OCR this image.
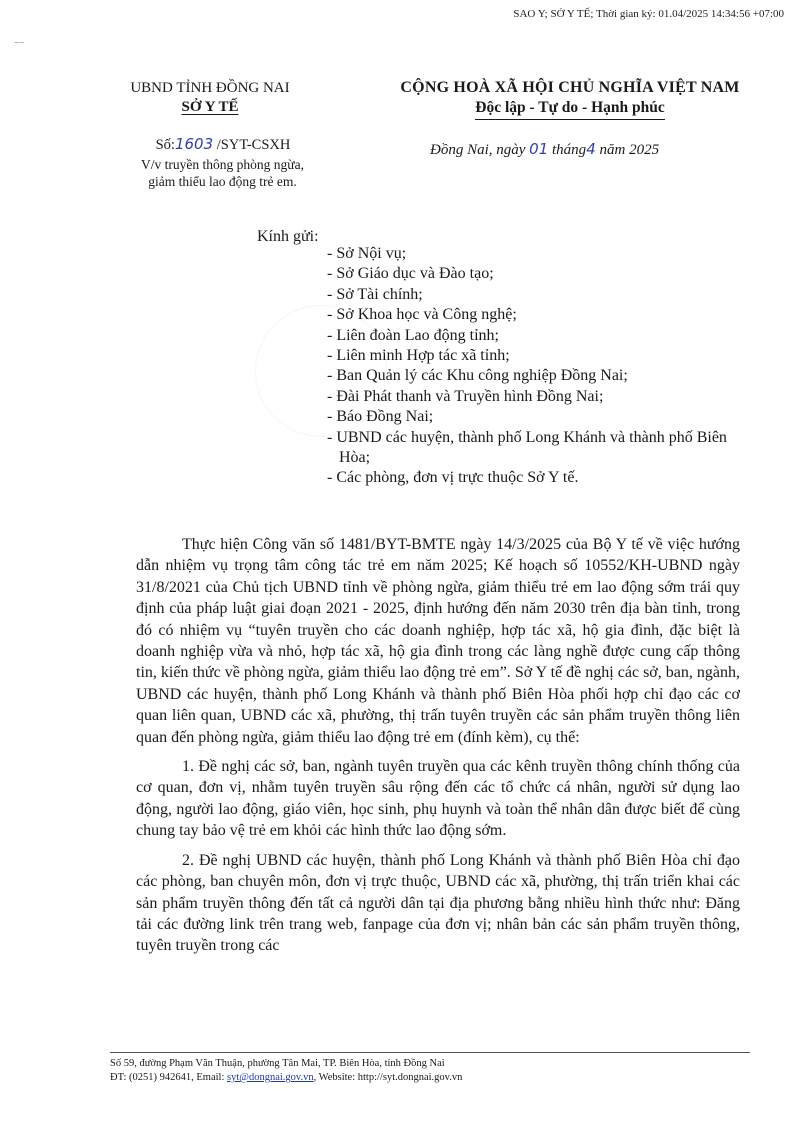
SAO Y; SỞ Y TẾ; Thời gian ký: 01.04/2025 14:34:56 +07:00
⁻⁻
UBND TỈNH ĐỒNG NAI
SỞ Y TẾ
CỘNG HOÀ XÃ HỘI CHỦ NGHĨA VIỆT NAM
Độc lập - Tự do - Hạnh phúc
Số:1603 /SYT-CSXH
V/v truyền thông phòng ngừa,
giảm thiểu lao động trẻ em.
Đồng Nai, ngày 01 tháng4 năm 2025
Kính gửi:
- Sở Nội vụ;
- Sở Giáo dục và Đào tạo;
- Sở Tài chính;
- Sở Khoa học và Công nghệ;
- Liên đoàn Lao động tỉnh;
- Liên minh Hợp tác xã tỉnh;
- Ban Quản lý các Khu công nghiệp Đồng Nai;
- Đài Phát thanh và Truyền hình Đồng Nai;
- Báo Đồng Nai;
- UBND các huyện, thành phố Long Khánh và thành phố Biên Hòa;
- Các phòng, đơn vị trực thuộc Sở Y tế.

Thực hiện Công văn số 1481/BYT-BMTE ngày 14/3/2025 của Bộ Y tế về việc hướng dẫn nhiệm vụ trọng tâm công tác trẻ em năm 2025; Kế hoạch số 10552/KH-UBND ngày 31/8/2021 của Chủ tịch UBND tỉnh về phòng ngừa, giảm thiểu trẻ em lao động sớm trái quy định của pháp luật giai đoạn 2021 - 2025, định hướng đến năm 2030 trên địa bàn tỉnh, trong đó có nhiệm vụ “tuyên truyền cho các doanh nghiệp, hợp tác xã, hộ gia đình, đặc biệt là doanh nghiệp vừa và nhỏ, hợp tác xã, hộ gia đình trong các làng nghề được cung cấp thông tin, kiến thức về phòng ngừa, giảm thiểu lao động trẻ em”. Sở Y tế đề nghị các sở, ban, ngành, UBND các huyện, thành phố Long Khánh và thành phố Biên Hòa phối hợp chỉ đạo các cơ quan liên quan, UBND các xã, phường, thị trấn tuyên truyền các sản phẩm truyền thông liên quan đến phòng ngừa, giảm thiểu lao động trẻ em (đính kèm), cụ thể:

1. Đề nghị các sở, ban, ngành tuyên truyền qua các kênh truyền thông chính thống của cơ quan, đơn vị, nhằm tuyên truyền sâu rộng đến các tổ chức cá nhân, người sử dụng lao động, người lao động, giáo viên, học sinh, phụ huynh và toàn thể nhân dân được biết để cùng chung tay bảo vệ trẻ em khỏi các hình thức lao động sớm.

2. Đề nghị UBND các huyện, thành phố Long Khánh và thành phố Biên Hòa chỉ đạo các phòng, ban chuyên môn, đơn vị trực thuộc, UBND các xã, phường, thị trấn triển khai các sản phẩm truyền thông đến tất cả người dân tại địa phương bằng nhiều hình thức như: Đăng tải các đường link trên trang web, fanpage của đơn vị; nhân bản các sản phẩm truyền thông, tuyên truyền trong các

Số 59, đường Phạm Văn Thuận, phường Tân Mai, TP. Biên Hòa, tỉnh Đồng Nai
ĐT: (0251) 942641, Email: syt@dongnai.gov.vn, Website: http://syt.dongnai.gov.vn
